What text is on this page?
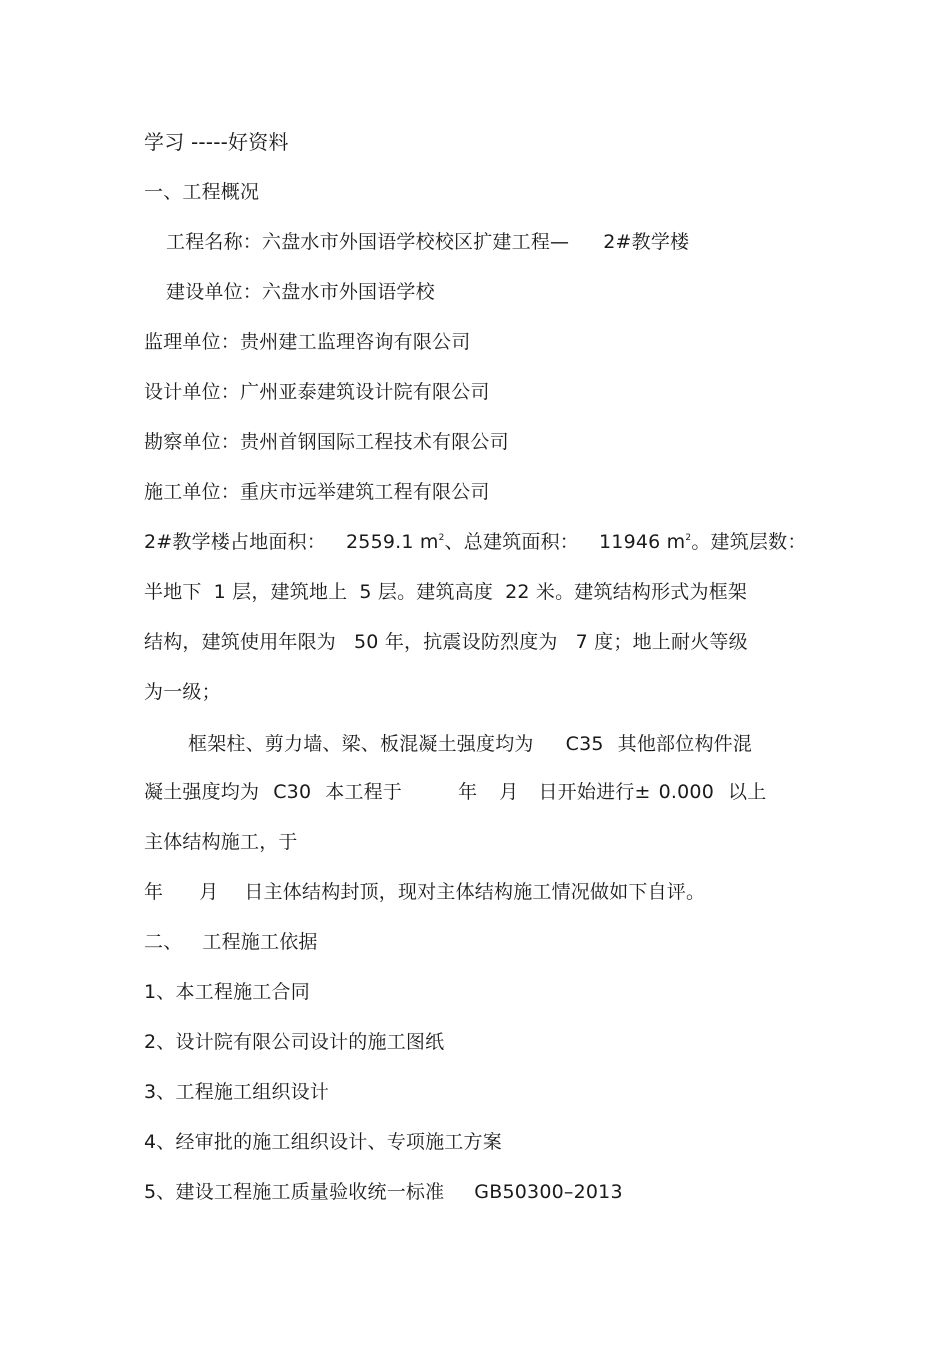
学习 -----好资料
一、工程概况
工程名称：六盘水市外国语学校校区扩建工程— 2#教学楼
建设单位：六盘水市外国语学校
监理单位：贵州建工监理咨询有限公司
设计单位：广州亚泰建筑设计院有限公司
勘察单位：贵州首钢国际工程技术有限公司
施工单位：重庆市远举建筑工程有限公司
2#教学楼占地面积： 2559.1 $m^2$、总建筑面积： 11946 $m^2$。建筑层数：
半地下 1 层，建筑地上 5 层。建筑高度 22 米。建筑结构形式为框架
结构，建筑使用年限为 50 年，抗震设防烈度为 7 度；地上耐火等级
为一级；
框架柱、剪力墙、梁、板混凝土强度均为 C35 其他部位构件混
凝土强度均为 C30 本工程于	年 月 日开始进行± 0.000 以上
主体结构施工，于
年 月 日主体结构封顶，现对主体结构施工情况做如下自评。
二、 工程施工依据
1、本工程施工合同
2、设计院有限公司设计的施工图纸
3、工程施工组织设计
4、经审批的施工组织设计、专项施工方案
5、建设工程施工质量验收统一标准 GB50300–2013
